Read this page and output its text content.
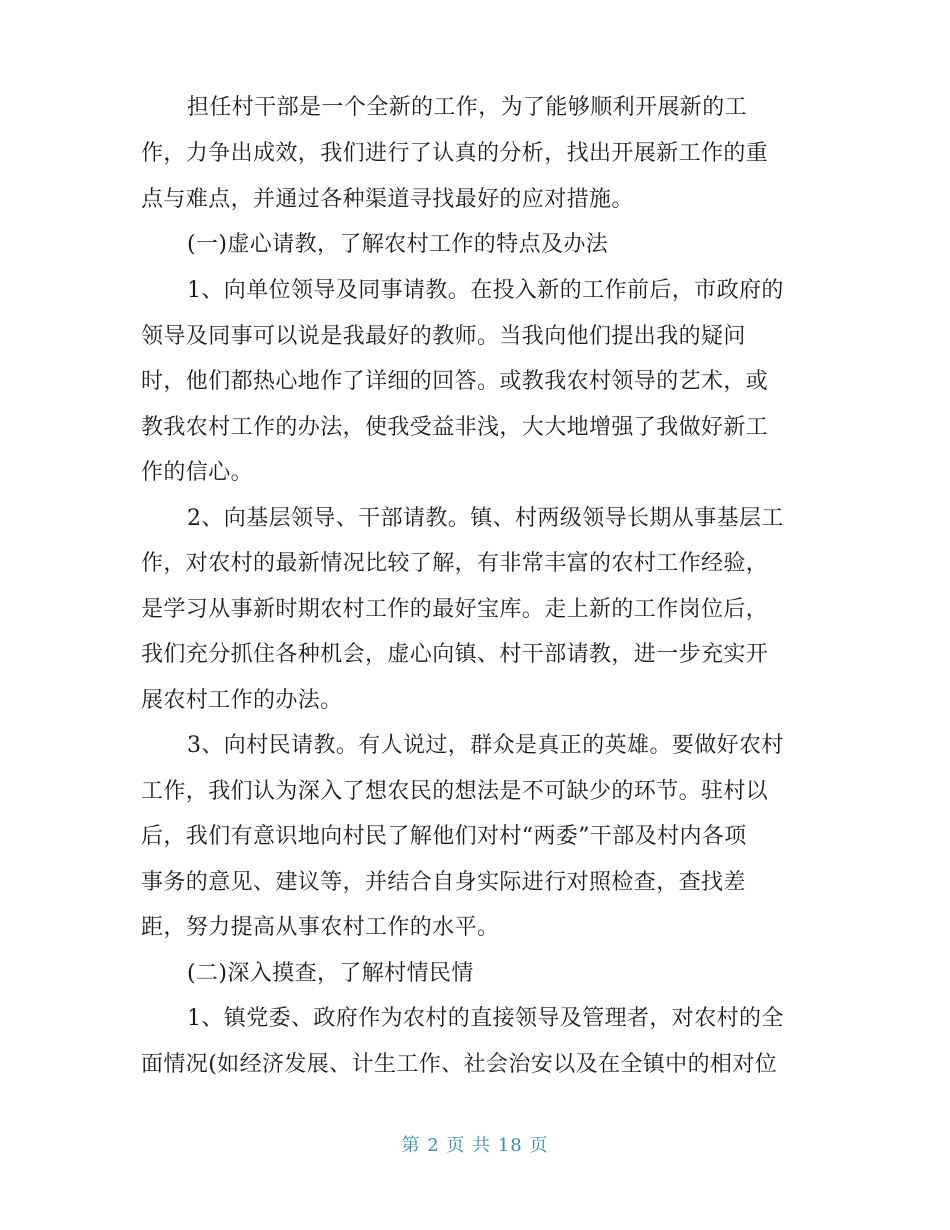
担任村干部是一个全新的工作，为了能够顺利开展新的工
作，力争出成效，我们进行了认真的分析，找出开展新工作的重
点与难点，并通过各种渠道寻找最好的应对措施。
(一)虚心请教，了解农村工作的特点及办法
1、向单位领导及同事请教。在投入新的工作前后，市政府的
领导及同事可以说是我最好的教师。当我向他们提出我的疑问
时，他们都热心地作了详细的回答。或教我农村领导的艺术，或
教我农村工作的办法，使我受益非浅，大大地增强了我做好新工
作的信心。
2、向基层领导、干部请教。镇、村两级领导长期从事基层工
作，对农村的最新情况比较了解，有非常丰富的农村工作经验，
是学习从事新时期农村工作的最好宝库。走上新的工作岗位后，
我们充分抓住各种机会，虚心向镇、村干部请教，进一步充实开
展农村工作的办法。
3、向村民请教。有人说过，群众是真正的英雄。要做好农村
工作，我们认为深入了想农民的想法是不可缺少的环节。驻村以
后，我们有意识地向村民了解他们对村“两委”干部及村内各项
事务的意见、建议等，并结合自身实际进行对照检查，查找差
距，努力提高从事农村工作的水平。
(二)深入摸查，了解村情民情
1、镇党委、政府作为农村的直接领导及管理者，对农村的全
面情况(如经济发展、计生工作、社会治安以及在全镇中的相对位
第 2 页 共 18 页
